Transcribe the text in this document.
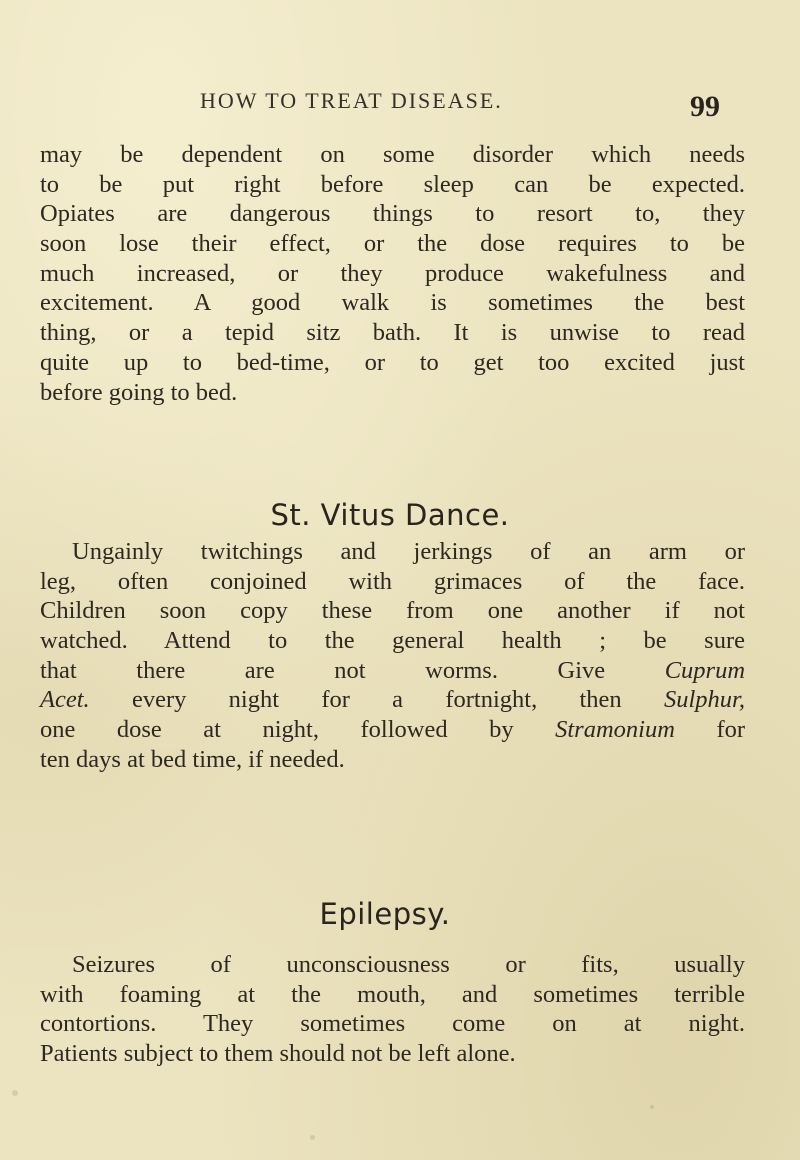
HOW TO TREAT DISEASE.	99
may be dependent on some disorder which needs
to be put right before sleep can be expected.
Opiates are dangerous things to resort to, they
soon lose their effect, or the dose requires to be
much increased, or they produce wakefulness and
excitement. A good walk is sometimes the best
thing, or a tepid sitz bath. It is unwise to read
quite up to bed-time, or to get too excited just
before going to bed.
St. Vitus Dance.
Ungainly twitchings and jerkings of an arm or
leg, often conjoined with grimaces of the face.
Children soon copy these from one another if not
watched. Attend to the general health ; be sure
that there are not worms. Give Cuprum
Acet. every night for a fortnight, then Sulphur,
one dose at night, followed by Stramonium for
ten days at bed time, if needed.
Epilepsy.
Seizures of unconsciousness or fits, usually
with foaming at the mouth, and sometimes terrible
contortions. They sometimes come on at night.
Patients subject to them should not be left alone.
